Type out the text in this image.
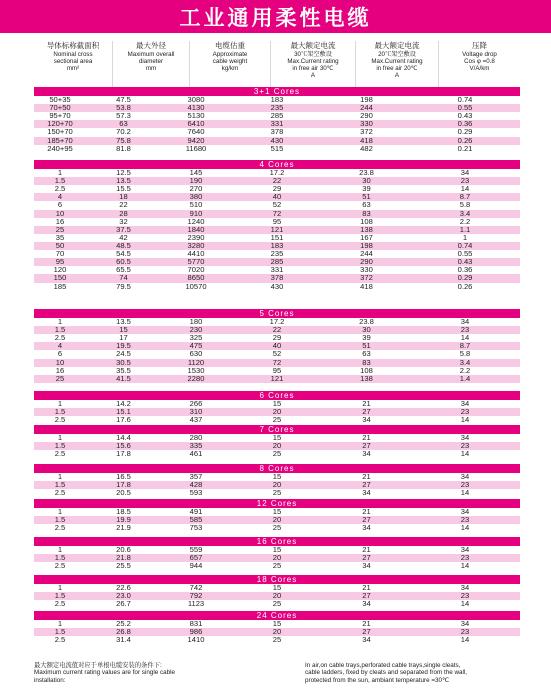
工业通用柔性电缆
导体标称截面积
Nominal cross
sectional area
mm²
最大外径
Maximum overall
diameter
mm
电缆估重
Approximate
cable weight
kg/km
最大额定电流
30℃架空敷设
Max.Current rating
in free air 30℃
A
最大额定电流
20℃架空敷设
Max.Current rating
in free air 20℃
A
压降
Voltage drop
Cos φ =0.8
V/A/km
3+1 Cores
50+35	47.5	3080	183	198	0.74
70+50	53.8	4130	235	244	0.55
95+70	57.3	5130	285	290	0.43
120+70	63	6410	331	330	0.36
150+70	70.2	7640	378	372	0.29
185+70	75.8	9420	430	418	0.26
240+95	81.8	11680	515	482	0.21
4 Cores
1	12.5	145	17.2	23.8	34
1.5	13.5	190	22	30	23
2.5	15.5	270	29	39	14
4	18	380	40	51	8.7
6	22	510	52	63	5.8
10	28	910	72	83	3.4
16	32	1240	95	108	2.2
25	37.5	1840	121	138	1.1
35	42	2390	151	167	1
50	48.5	3280	183	198	0.74
70	54.5	4410	235	244	0.55
95	60.5	5770	285	290	0.43
120	65.5	7020	331	330	0.36
150	74	8650	378	372	0.29
185	79.5	10570	430	418	0.26
5 Cores
1	13.5	180	17.2	23.8	34
1.5	15	230	22	30	23
2.5	17	325	29	39	14
4	19.5	475	40	51	8.7
6	24.5	630	52	63	5.8
10	30.5	1120	72	83	3.4
16	35.5	1530	95	108	2.2
25	41.5	2280	121	138	1.4
6 Cores
1	14.2	266	15	21	34
1.5	15.1	310	20	27	23
2.5	17.6	437	25	34	14
7 Cores
1	14.4	280	15	21	34
1.5	15.6	335	20	27	23
2.5	17.8	461	25	34	14
8 Cores
1	16.5	357	15	21	34
1.5	17.8	428	20	27	23
2.5	20.5	593	25	34	14
12 Cores
1	18.5	491	15	21	34
1.5	19.9	585	20	27	23
2.5	21.9	753	25	34	14
16 Cores
1	20.6	559	15	21	34
1.5	21.8	657	20	27	23
2.5	25.5	944	25	34	14
18 Cores
1	22.6	742	15	21	34
1.5	23.0	792	20	27	23
2.5	26.7	1123	25	34	14
24 Cores
1	25.2	831	15	21	34
1.5	26.8	986	20	27	23
2.5	31.4	1410	25	34	14
最大额定电流值对应于单根电缆安装的条件下:
Maximum current rating values are for single cable
installation:
In air,on cable trays,perforated cable trays,single cleats,
cable ladders, fixed by cleats and separated from the wall,
protected from the sun, ambiant temperature =30℃
